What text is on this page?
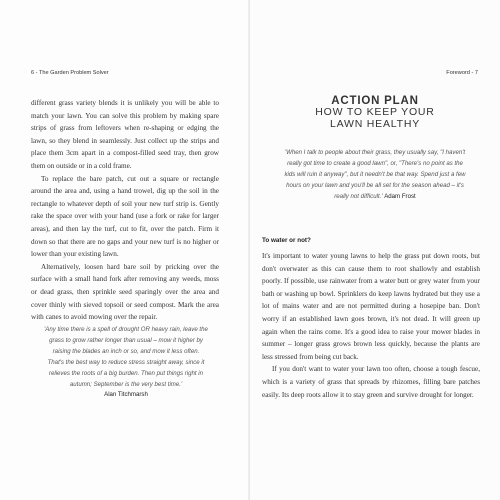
6 - The Garden Problem Solver

different grass variety blends it is unlikely you will be able to match your lawn. You can solve this problem by making spare strips of grass from leftovers when re-shaping or edging the lawn, so they blend in seamlessly. Just collect up the strips and place them 3cm apart in a compost-filled seed tray, then grow them on outside or in a cold frame.

To replace the bare patch, cut out a square or rectangle around the area and, using a hand trowel, dig up the soil in the rectangle to whatever depth of soil your new turf strip is. Gently rake the space over with your hand (use a fork or rake for larger areas), and then lay the turf, cut to fit, over the patch. Firm it down so that there are no gaps and your new turf is no higher or lower than your existing lawn.

Alternatively, loosen hard bare soil by pricking over the surface with a small hand fork after removing any weeds, moss or dead grass, then sprinkle seed sparingly over the area and cover thinly with sieved topsoil or seed compost. Mark the area with canes to avoid mowing over the repair.

'Any time there is a spell of drought OR heavy rain, leave the grass to grow rather longer than usual – mow it higher by raising the blades an inch or so, and mow it less often. That's the best way to reduce stress straight away, since it relieves the roots of a big burden. Then put things right in autumn; September is the very best time.'
Alan Titchmarsh
Foreword - 7
ACTION PLAN
HOW TO KEEP YOUR
LAWN HEALTHY
'When I talk to people about their grass, they usually say, "I haven't really got time to create a good lawn", or, "There's no point as the kids will ruin it anyway", but it needn't be that way. Spend just a few hours on your lawn and you'll be all set for the season ahead – it's really not difficult.' Adam Frost
To water or not?

It's important to water young lawns to help the grass put down roots, but don't overwater as this can cause them to root shallowly and establish poorly. If possible, use rainwater from a water butt or grey water from your bath or washing up bowl. Sprinklers do keep lawns hydrated but they use a lot of mains water and are not permitted during a hosepipe ban. Don't worry if an established lawn goes brown, it's not dead. It will green up again when the rains come. It's a good idea to raise your mower blades in summer – longer grass grows brown less quickly, because the plants are less stressed from being cut back.

If you don't want to water your lawn too often, choose a tough fescue, which is a variety of grass that spreads by rhizomes, filling bare patches easily. Its deep roots allow it to stay green and survive drought for longer.
